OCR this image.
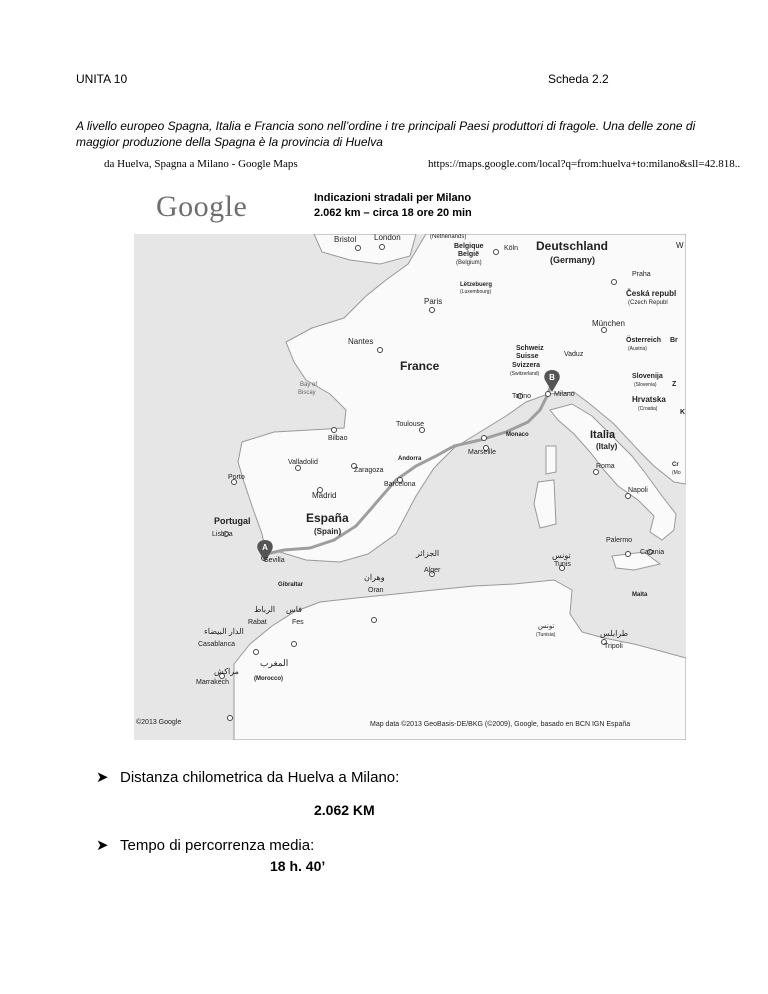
UNITA 10	Scheda 2.2
A livello europeo Spagna, Italia e Francia sono nell’ordine i tre principali Paesi produttori di fragole. Una delle zone di maggior produzione della Spagna è la provincia di Huelva
da Huelva, Spagna a Milano - Google Maps	https://maps.google.com/local?q=from:huelva+to:milano&sll=42.818..
Google	Indicazioni stradali per Milano
2.062 km – circa 18 ore 20 min
A
B
Bristol London	(Netherlands)
Belgique
België
(Belgium)
Köln Deutschland
(Germany)
W
Praha
Česká republ
(Czech Republ
Lëtzebuerg
(Luxembourg)
Paris
München
Nantes	Österreich Br
(Austria)
Schweiz
Suisse
Svizzera
(Switzerland)
Vaduz
France
Slovenija
(Slovenia) Z
Milano
Torino	Hrvatska
(Croatia)	K
Bay of
Biscay
Toulouse
Bilbao	Monaco	Italia
(Italy)
Andorra
Marseille
Valladolid
Zaragoza
Porto
Barcelona
Roma	Cr
(Mo
Madrid
Napoli
Portugal	España
(Spain)
Lisboa
Sevilla
الجزائر
Alger
تونس
Tunis
Palermo
Catania
Gibraltar
وهران
Oran
Malta
الرباط فاس
Rabat	Fes
الدار البيضاء
Casablanca
تونس
(Tunisia)	طرابلس
Tripoli
المغرب
مراكش
Marrakech	(Morocco)
©2013 Google	Map data ©2013 GeoBasis-DE/BKG (©2009), Google, basado en BCN IGN España
➤ Distanza chilometrica da Huelva a Milano:
2.062 KM
➤ Tempo di percorrenza media:
18 h. 40’
